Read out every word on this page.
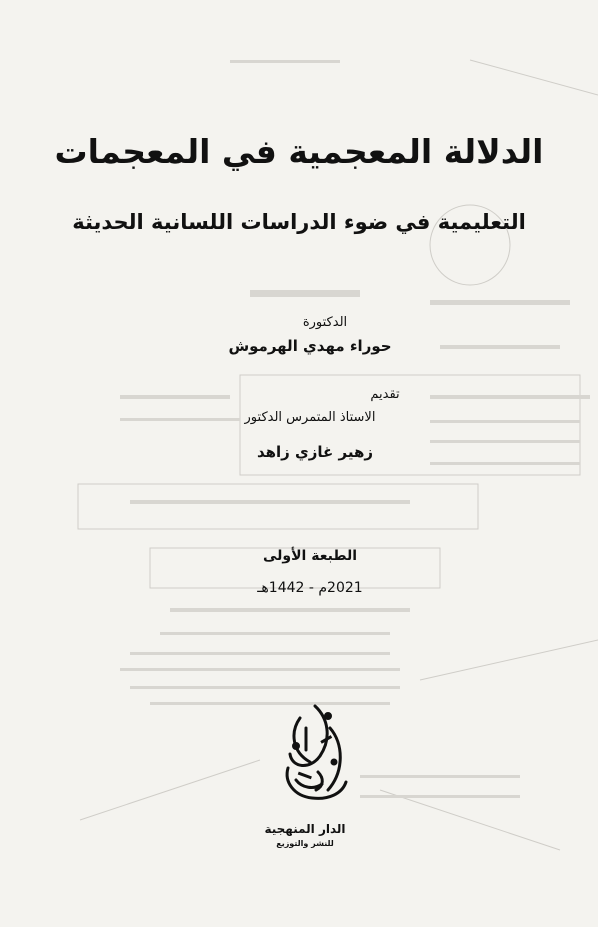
الدلالة المعجمية في المعجمات
التعليمية في ضوء الدراسات اللسانية الحديثة
الدكتورة
حوراء مهدي الهرموش
تقديم
الاستاذ المتمرس الدكتور
زهير غازي زاهد
الطبعة الأولى
2021م - 1442هـ
الدار المنهجية
للنشر والتوزيع
